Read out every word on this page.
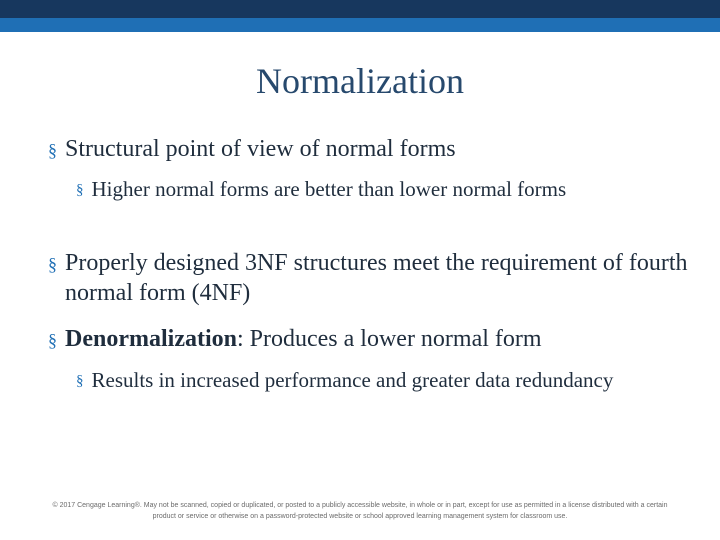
Normalization
§ Structural point of view of normal forms
§ Higher normal forms are better than lower normal forms
§ Properly designed 3NF structures meet the requirement of fourth normal form (4NF)
§ Denormalization: Produces a lower normal form
§ Results in increased performance and greater data redundancy
© 2017 Cengage Learning®. May not be scanned, copied or duplicated, or posted to a publicly accessible website, in whole or in part, except for use as permitted in a license distributed with a certain product or service or otherwise on a password-protected website or school approved learning management system for classroom use.
